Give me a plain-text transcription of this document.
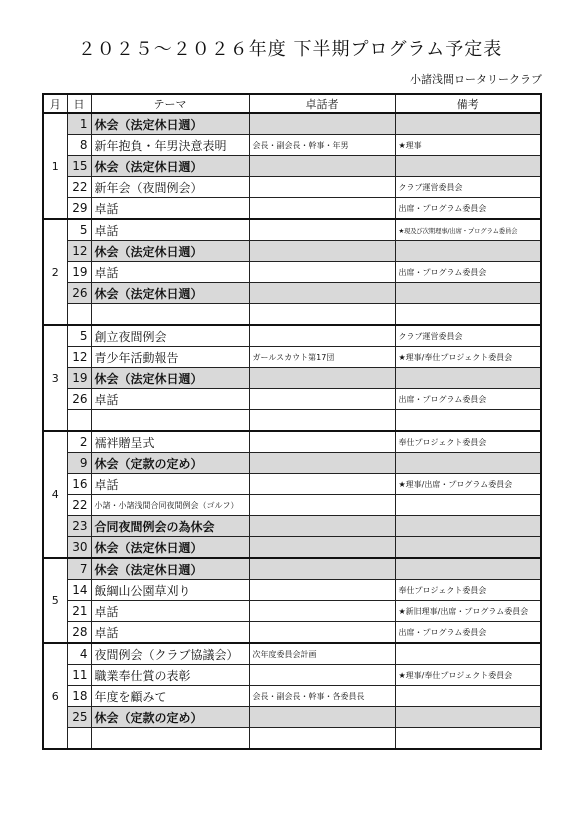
２０２５～２０２６年度 下半期プログラム予定表
小諸浅間ロータリークラブ
月	日	テーマ	卓話者	備考
1	1	休会（法定休日週）		
	8	新年抱負・年男決意表明	会長・副会長・幹事・年男	★理事
	15	休会（法定休日週）		
	22	新年会（夜間例会）		クラブ運営委員会
	29	卓話		出席・プログラム委員会
2	5	卓話		★現及び次期理事/出席・プログラム委員会
	12	休会（法定休日週）		
	19	卓話		出席・プログラム委員会
	26	休会（法定休日週）		

3	5	創立夜間例会		クラブ運営委員会
	12	青少年活動報告	ガールスカウト第17団	★理事/奉仕プロジェクト委員会
	19	休会（法定休日週）		
	26	卓話		出席・プログラム委員会

4	2	襦袢贈呈式		奉仕プロジェクト委員会
	9	休会（定款の定め）		
	16	卓話		★理事/出席・プログラム委員会
	22	小諸・小諸浅間合同夜間例会（ゴルフ）		
	23	合同夜間例会の為休会		
	30	休会（法定休日週）		
5	7	休会（法定休日週）		
	14	飯綱山公園草刈り		奉仕プロジェクト委員会
	21	卓話		★新旧理事/出席・プログラム委員会
	28	卓話		出席・プログラム委員会
6	4	夜間例会（クラブ協議会）	次年度委員会計画	
	11	職業奉仕賞の表彰		★理事/奉仕プロジェクト委員会
	18	年度を顧みて	会長・副会長・幹事・各委員長	
	25	休会（定款の定め）		
